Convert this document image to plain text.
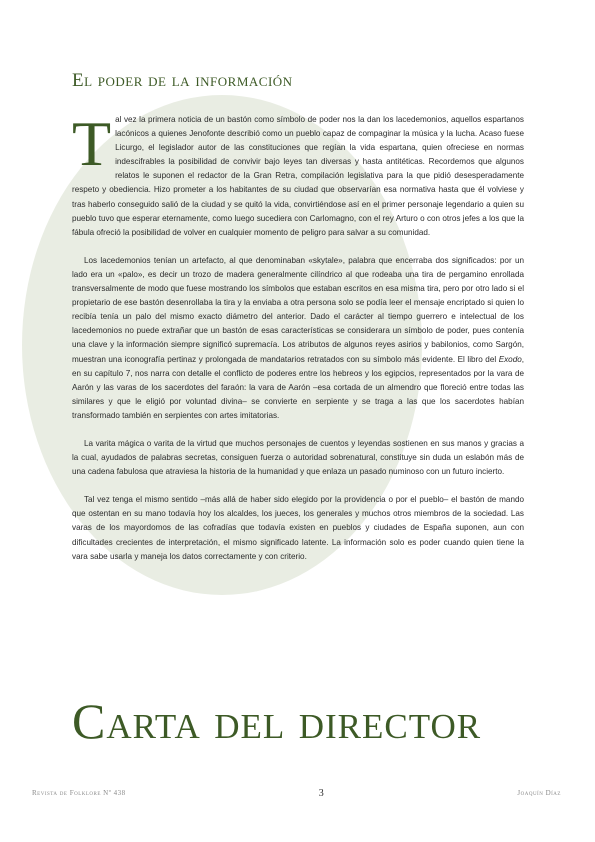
El poder de la información

Tal vez la primera noticia de un bastón como símbolo de poder nos la dan los lacedemonios, aquellos espartanos lacónicos a quienes Jenofonte describió como un pueblo capaz de compaginar la música y la lucha. Acaso fuese Licurgo, el legislador autor de las constituciones que regían la vida espartana, quien ofreciese en normas indescifrables la posibilidad de convivir bajo leyes tan diversas y hasta antitéticas. Recordemos que algunos relatos le suponen el redactor de la Gran Retra, compilación legislativa para la que pidió desesperadamente respeto y obediencia. Hizo prometer a los habitantes de su ciudad que observarían esa normativa hasta que él volviese y tras haberlo conseguido salió de la ciudad y se quitó la vida, convirtiéndose así en el primer personaje legendario a quien su pueblo tuvo que esperar eternamente, como luego sucediera con Carlomagno, con el rey Arturo o con otros jefes a los que la fábula ofreció la posibilidad de volver en cualquier momento de peligro para salvar a su comunidad.

Los lacedemonios tenían un artefacto, al que denominaban «skytale», palabra que encerraba dos significados: por un lado era un «palo», es decir un trozo de madera generalmente cilíndrico al que rodeaba una tira de pergamino enrollada transversalmente de modo que fuese mostrando los símbolos que estaban escritos en esa misma tira, pero por otro lado si el propietario de ese bastón desenrollaba la tira y la enviaba a otra persona solo se podía leer el mensaje encriptado si quien lo recibía tenía un palo del mismo exacto diámetro del anterior. Dado el carácter al tiempo guerrero e intelectual de los lacedemonios no puede extrañar que un bastón de esas características se considerara un símbolo de poder, pues contenía una clave y la información siempre significó supremacía. Los atributos de algunos reyes asirios y babilonios, como Sargón, muestran una iconografía pertinaz y prolongada de mandatarios retratados con su símbolo más evidente. El libro del Exodo, en su capítulo 7, nos narra con detalle el conflicto de poderes entre los hebreos y los egipcios, representados por la vara de Aarón y las varas de los sacerdotes del faraón: la vara de Aarón –esa cortada de un almendro que floreció entre todas las similares y que le eligió por voluntad divina– se convierte en serpiente y se traga a las que los sacerdotes habían transformado también en serpientes con artes imitatorias.

La varita mágica o varita de la virtud que muchos personajes de cuentos y leyendas sostienen en sus manos y gracias a la cual, ayudados de palabras secretas, consiguen fuerza o autoridad sobrenatural, constituye sin duda un eslabón más de una cadena fabulosa que atraviesa la historia de la humanidad y que enlaza un pasado numinoso con un futuro incierto.

Tal vez tenga el mismo sentido –más allá de haber sido elegido por la providencia o por el pueblo– el bastón de mando que ostentan en su mano todavía hoy los alcaldes, los jueces, los generales y muchos otros miembros de la sociedad. Las varas de los mayordomos de las cofradías que todavía existen en pueblos y ciudades de España suponen, aun con dificultades crecientes de interpretación, el mismo significado latente. La información solo es poder cuando quien tiene la vara sabe usarla y maneja los datos correctamente y con criterio.

Carta del director
Revista de Folklore Nº 438	3	Joaquín Díaz
